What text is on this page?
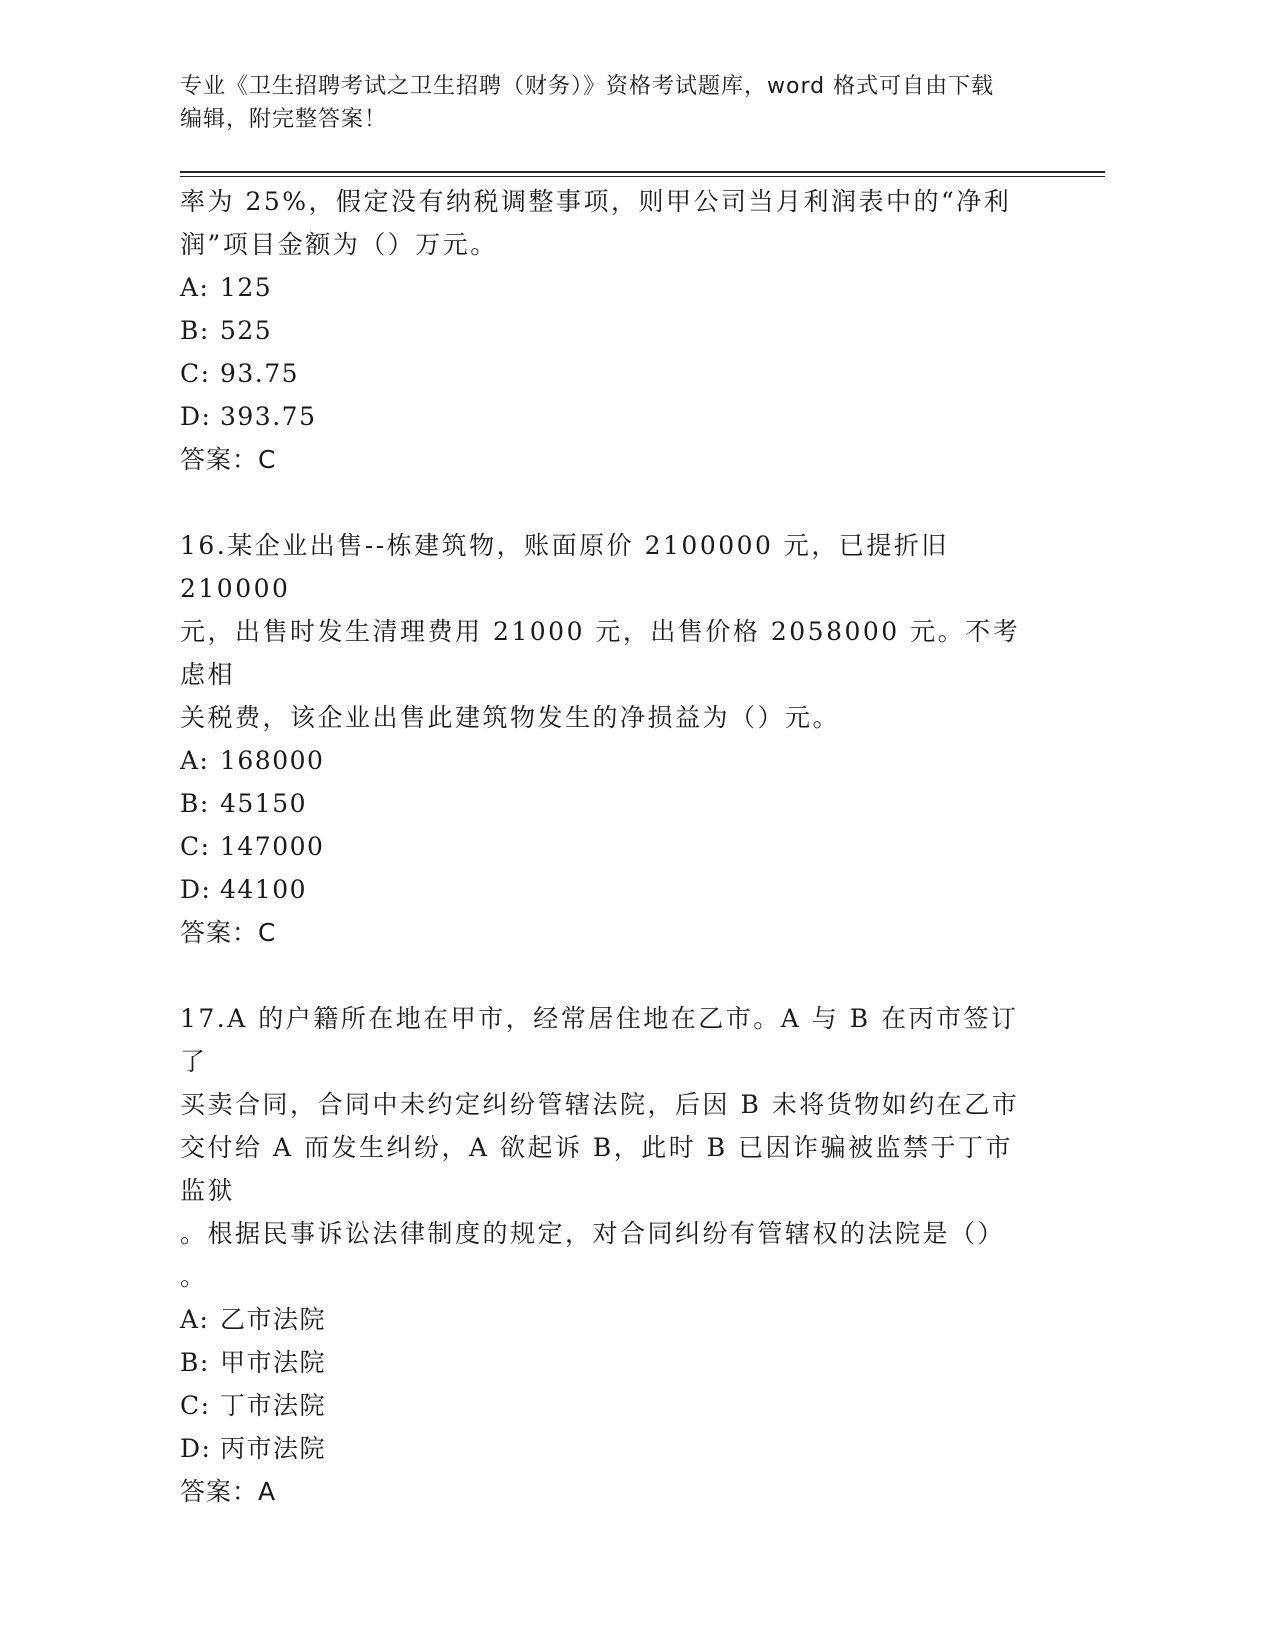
专业《卫生招聘考试之卫生招聘（财务）》资格考试题库，word 格式可自由下载
编辑，附完整答案！

率为 25%，假定没有纳税调整事项，则甲公司当月利润表中的“净利

润”项目金额为（）万元。

A: 125
B: 525
C: 93.75
D: 393.75

答案：C

16.某企业出售--栋建筑物，账面原价 2100000 元，已提折旧 210000

元，出售时发生清理费用 21000 元，出售价格 2058000 元。不考虑相

关税费，该企业出售此建筑物发生的净损益为（）元。

A: 168000
B: 45150
C: 147000
D: 44100

答案：C

17.A 的户籍所在地在甲市，经常居住地在乙市。A 与 B 在丙市签订了

买卖合同，合同中未约定纠纷管辖法院，后因 B 未将货物如约在乙市

交付给 A 而发生纠纷，A 欲起诉 B，此时 B 已因诈骗被监禁于丁市监狱

。根据民事诉讼法律制度的规定，对合同纠纷有管辖权的法院是（）

。

A: 乙市法院
B: 甲市法院
C: 丁市法院
D: 丙市法院

答案：A
